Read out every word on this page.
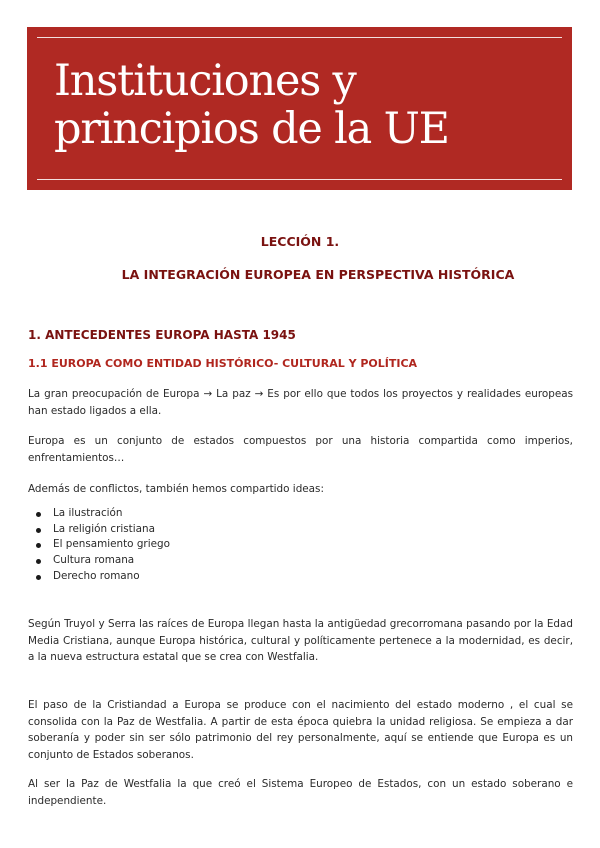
Instituciones y
principios de la UE

LECCIÓN 1.

LA INTEGRACIÓN EUROPEA EN PERSPECTIVA HISTÓRICA

1. ANTECEDENTES EUROPA HASTA 1945
1.1 EUROPA COMO ENTIDAD HISTÓRICO- CULTURAL Y POLÍTICA

La gran preocupación de Europa → La paz → Es por ello que todos los proyectos y realidades europeas han estado ligados a ella.

Europa es un conjunto de estados compuestos por una historia compartida como imperios, enfrentamientos…

Además de conflictos, también hemos compartido ideas:

La ilustración
La religión cristiana
El pensamiento griego
Cultura romana
Derecho romano

Según Truyol y Serra las raíces de Europa llegan hasta la antigüedad grecorromana pasando por la Edad Media Cristiana, aunque Europa histórica, cultural y políticamente pertenece a la modernidad, es decir, a la nueva estructura estatal que se crea con Westfalia.

El paso de la Cristiandad a Europa se produce con el nacimiento del estado moderno , el cual se consolida con la Paz de Westfalia. A partir de esta época quiebra la unidad religiosa. Se empieza a dar soberanía y poder sin ser sólo patrimonio del rey personalmente, aquí se entiende que Europa es un conjunto de Estados soberanos.

Al ser la Paz de Westfalia la que creó el Sistema Europeo de Estados, con un estado soberano e independiente.
